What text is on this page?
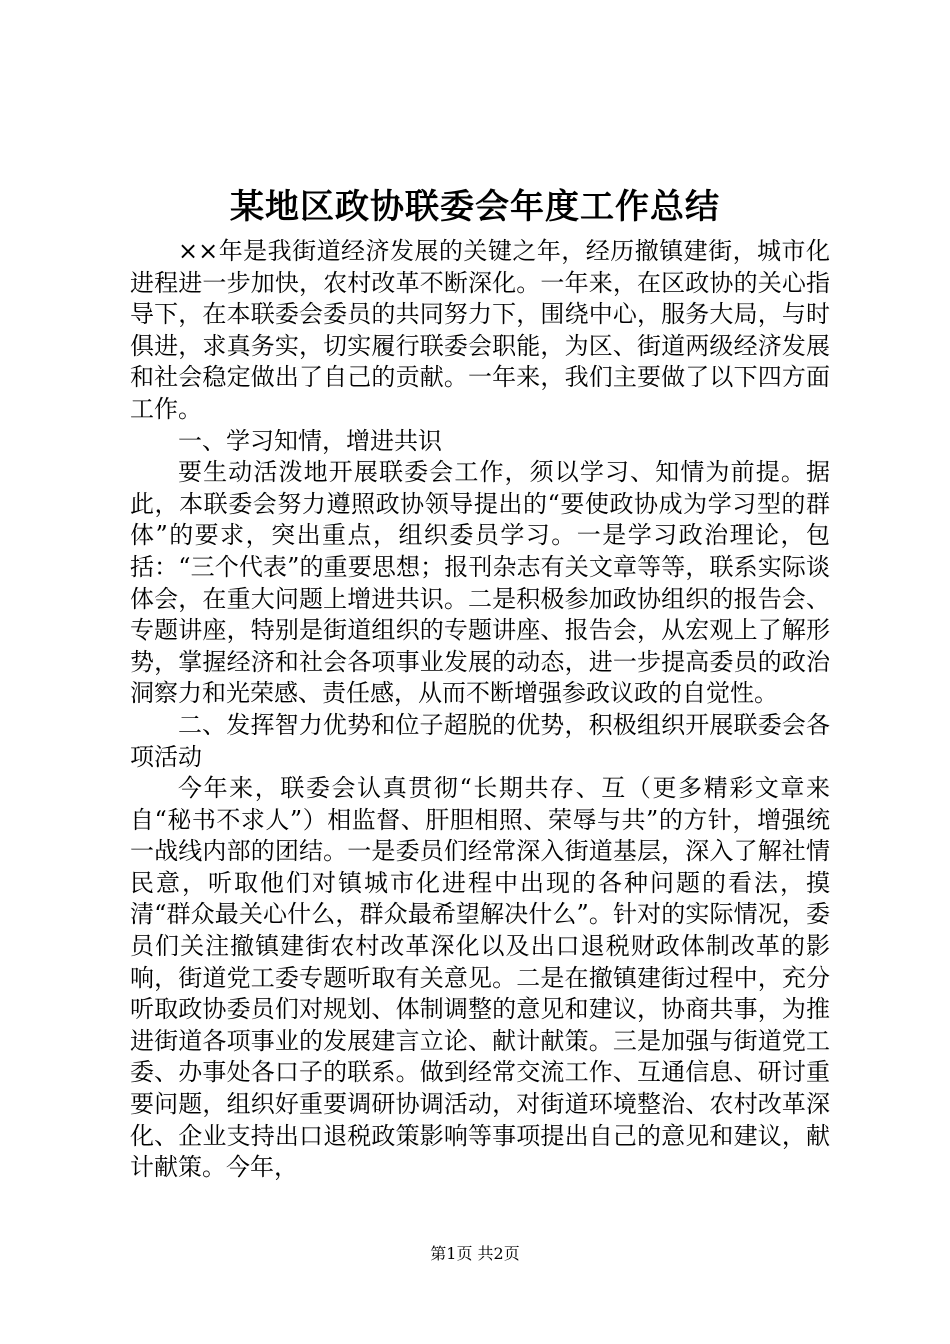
某地区政协联委会年度工作总结

××年是我街道经济发展的关键之年，经历撤镇建街，城市化进程进一步加快，农村改革不断深化。一年来，在区政协的关心指导下，在本联委会委员的共同努力下，围绕中心，服务大局，与时俱进，求真务实，切实履行联委会职能，为区、街道两级经济发展和社会稳定做出了自己的贡献。一年来，我们主要做了以下四方面工作。

一、学习知情，增进共识

要生动活泼地开展联委会工作，须以学习、知情为前提。据此，本联委会努力遵照政协领导提出的“要使政协成为学习型的群体”的要求，突出重点，组织委员学习。一是学习政治理论，包括：“三个代表”的重要思想；报刊杂志有关文章等等，联系实际谈体会，在重大问题上增进共识。二是积极参加政协组织的报告会、专题讲座，特别是街道组织的专题讲座、报告会，从宏观上了解形势，掌握经济和社会各项事业发展的动态，进一步提高委员的政治洞察力和光荣感、责任感，从而不断增强参政议政的自觉性。

二、发挥智力优势和位子超脱的优势，积极组织开展联委会各项活动

今年来，联委会认真贯彻“长期共存、互（更多精彩文章来自“秘书不求人”）相监督、肝胆相照、荣辱与共”的方针，增强统一战线内部的团结。一是委员们经常深入街道基层，深入了解社情民意，听取他们对镇城市化进程中出现的各种问题的看法，摸清“群众最关心什么，群众最希望解决什么”。针对的实际情况，委员们关注撤镇建街农村改革深化以及出口退税财政体制改革的影响，街道党工委专题听取有关意见。二是在撤镇建街过程中，充分听取政协委员们对规划、体制调整的意见和建议，协商共事，为推进街道各项事业的发展建言立论、献计献策。三是加强与街道党工委、办事处各口子的联系。做到经常交流工作、互通信息、研讨重要问题，组织好重要调研协调活动，对街道环境整治、农村改革深化、企业支持出口退税政策影响等事项提出自己的意见和建议，献计献策。今年，

第1页 共2页
